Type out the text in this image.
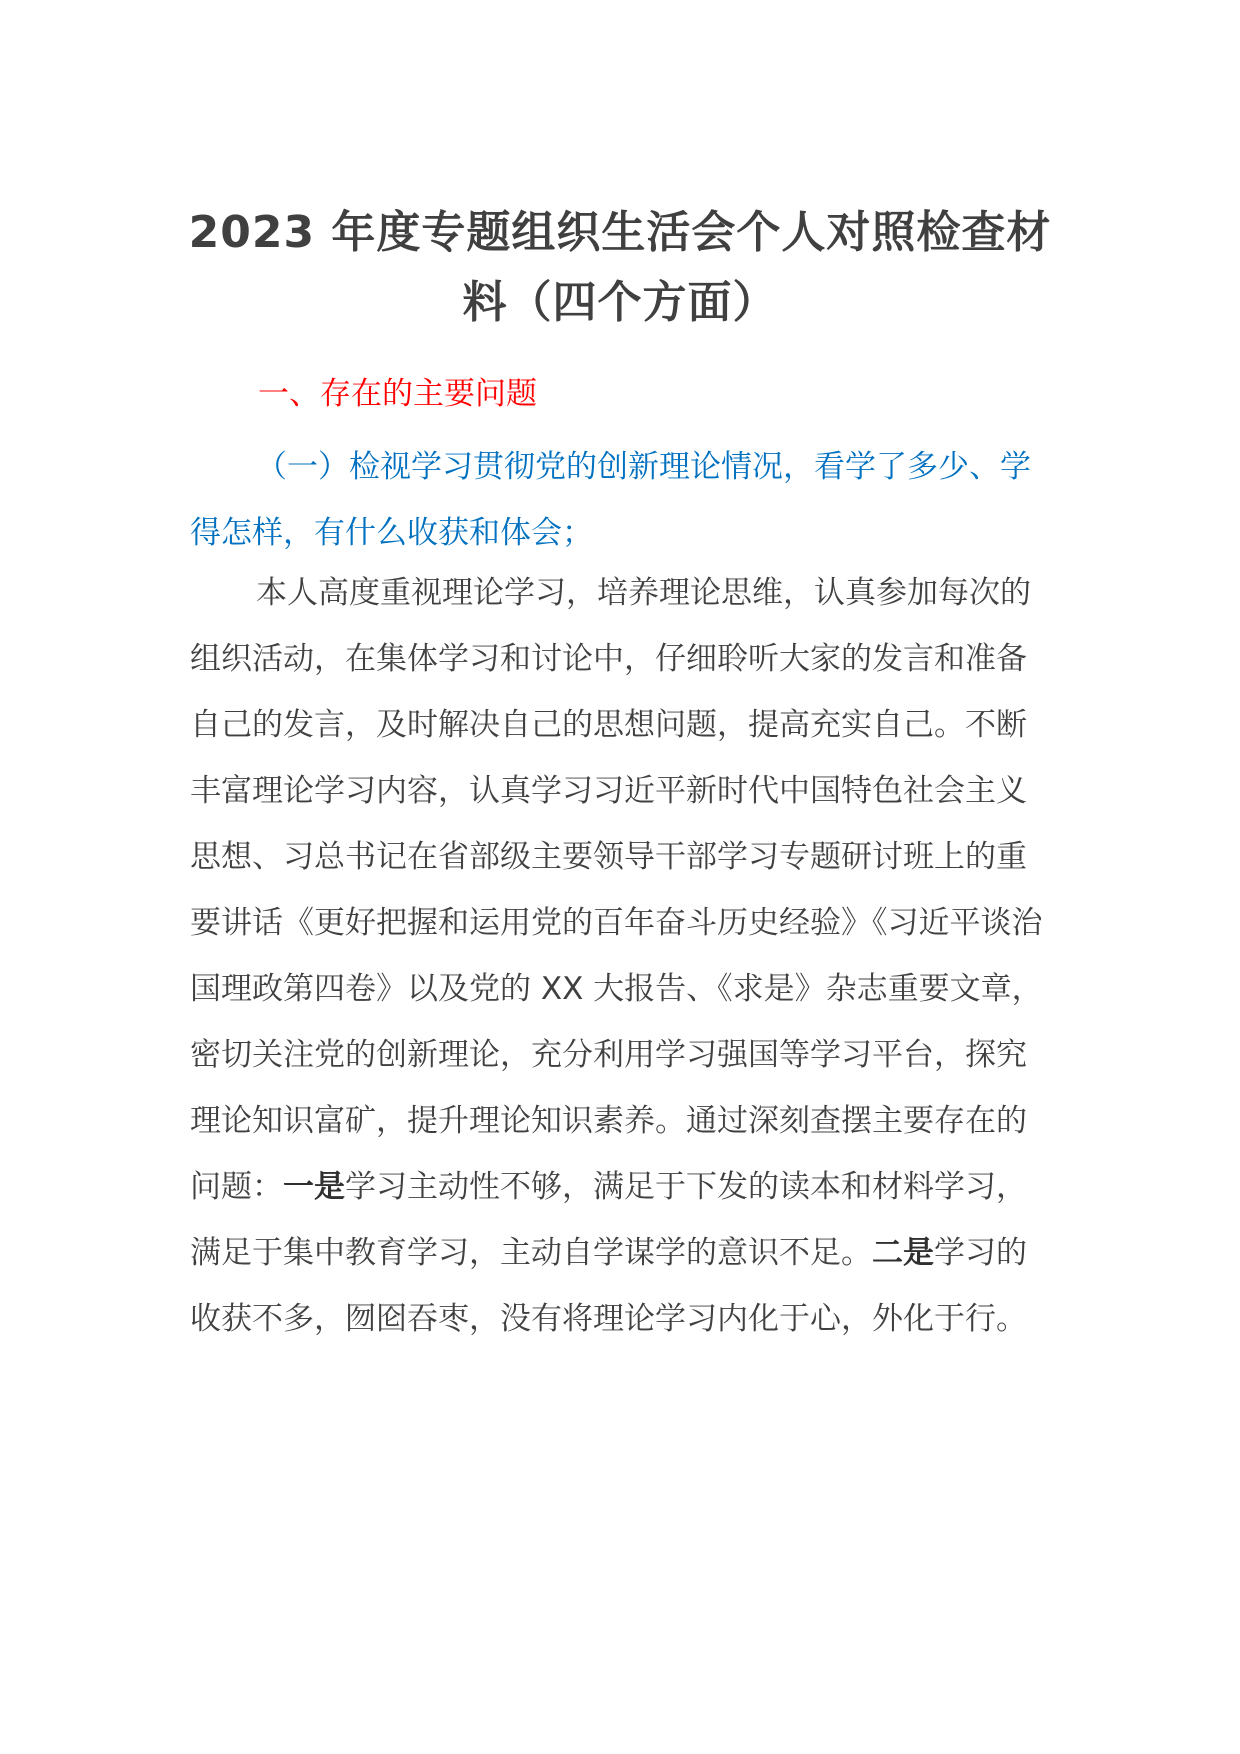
2023 年度专题组织生活会个人对照检查材料（四个方面）
一、存在的主要问题

（一）检视学习贯彻党的创新理论情况，看学了多少、学得怎样，有什么收获和体会；

本人高度重视理论学习，培养理论思维，认真参加每次的组织活动，在集体学习和讨论中，仔细聆听大家的发言和准备自己的发言，及时解决自己的思想问题，提高充实自己。不断丰富理论学习内容，认真学习习近平新时代中国特色社会主义思想、习总书记在省部级主要领导干部学习专题研讨班上的重要讲话《更好把握和运用党的百年奋斗历史经验》《习近平谈治国理政第四卷》以及党的 XX 大报告、《求是》杂志重要文章，密切关注党的创新理论，充分利用学习强国等学习平台，探究理论知识富矿，提升理论知识素养。通过深刻查摆主要存在的问题：一是学习主动性不够，满足于下发的读本和材料学习，满足于集中教育学习，主动自学谋学的意识不足。二是学习的收获不多，囫囵吞枣，没有将理论学习内化于心，外化于行。
